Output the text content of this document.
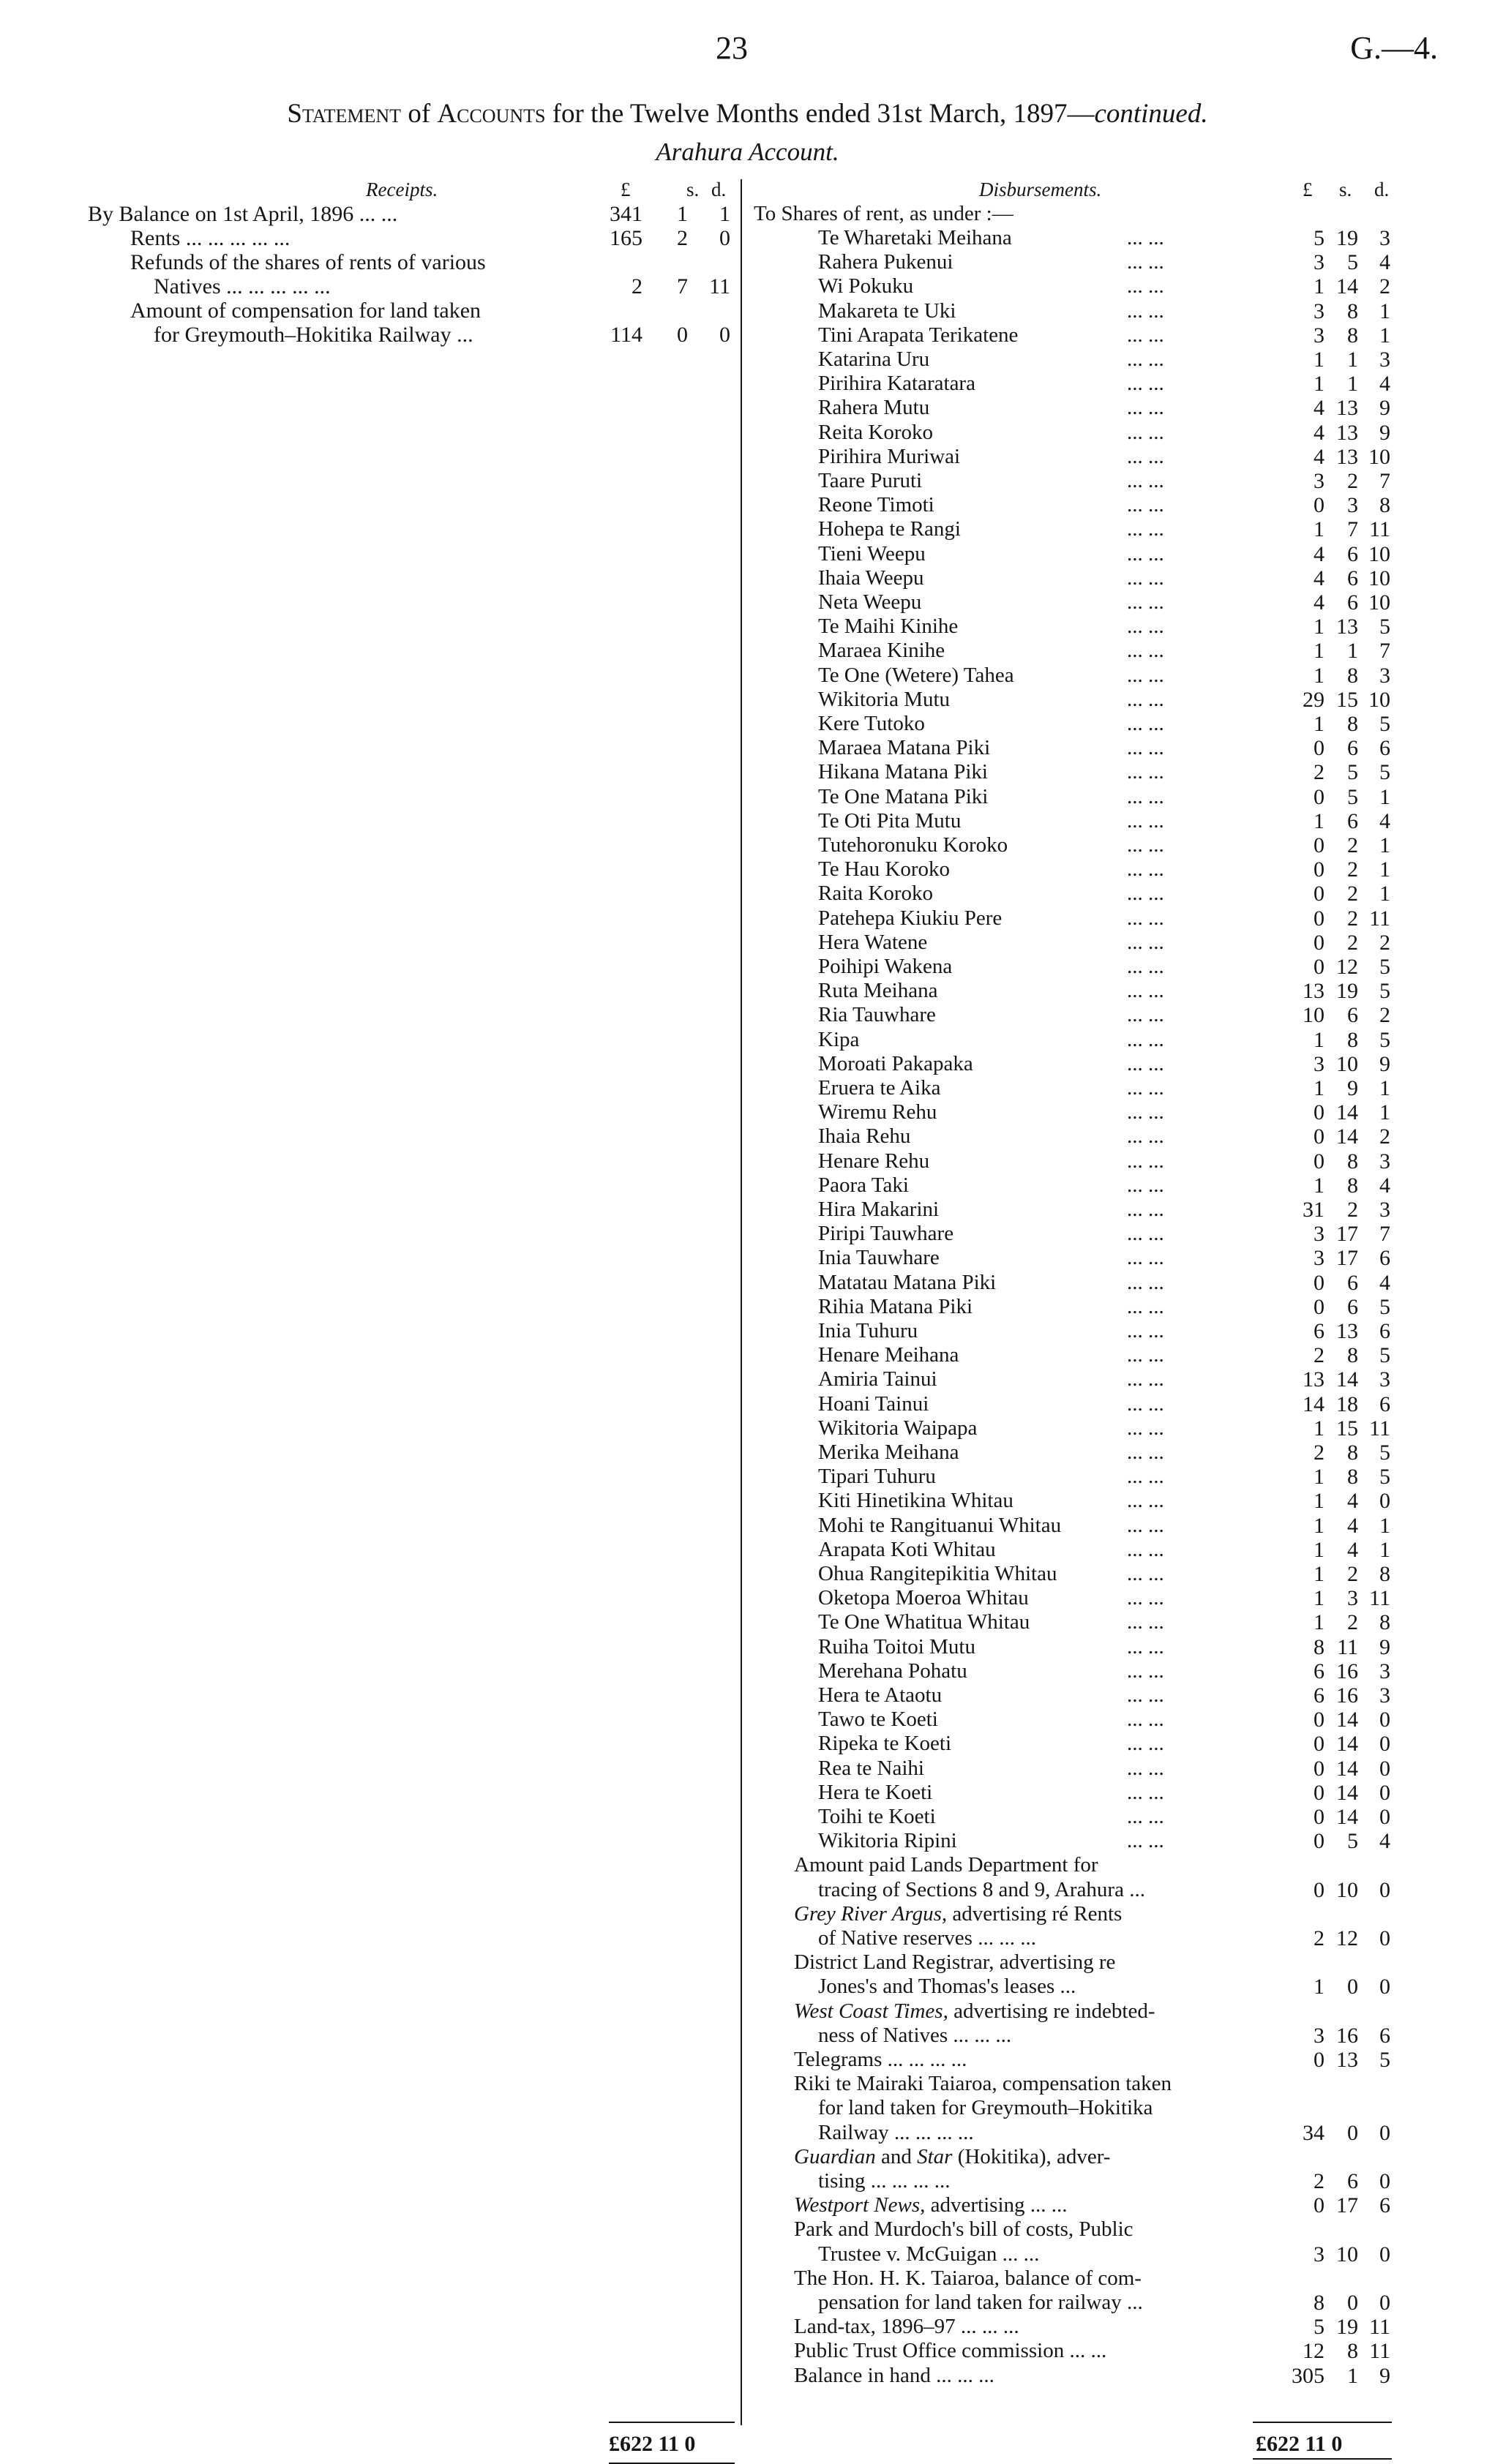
23	G.—4.
Statement of Accounts for the Twelve Months ended 31st March, 1897—continued.
Arahura Account.
Receipts.	£	s. d.
By Balance on 1st April, 1896 ... ...	341	1	1
Rents ... ... ... ... ...	165	2	0
Refunds of the shares of rents of various
Natives ... ... ... ... ...	2	7 11
Amount of compensation for land taken
for Greymouth–Hokitika Railway ...	114	0	0
Disbursements.	£ s. d.
To Shares of rent, as under :—
Te Wharetaki Meihana	... ...	5 19 3
Rahera Pukenui	... ...	3	5 4
Wi Pokuku	... ...	1 14 2
Makareta te Uki	... ...	3	8 1
Tini Arapata Terikatene	... ...	3	8 1
Katarina Uru	... ...	1	1 3
Pirihira Kataratara	... ...	1	1 4
Rahera Mutu	... ...	4 13 9
Reita Koroko	... ...	4 13 9
Pirihira Muriwai	... ...	4 13 10
Taare Puruti	... ...	3	2 7
Reone Timoti	... ...	0	3 8
Hohepa te Rangi	... ...	1	7 11
Tieni Weepu	... ...	4	6 10
Ihaia Weepu	... ...	4	6 10
Neta Weepu	... ...	4	6 10
Te Maihi Kinihe	... ...	1 13 5
Maraea Kinihe	... ...	1	1 7
Te One (Wetere) Tahea	... ...	1	8 3
Wikitoria Mutu	... ...	29 15 10
Kere Tutoko	... ...	1	8 5
Maraea Matana Piki	... ...	0	6 6
Hikana Matana Piki	... ...	2	5 5
Te One Matana Piki	... ...	0	5 1
Te Oti Pita Mutu	... ...	1	6 4
Tutehoronuku Koroko	... ...	0	2 1
Te Hau Koroko	... ...	0	2 1
Raita Koroko	... ...	0	2 1
Patehepa Kiukiu Pere	... ...	0	2 11
Hera Watene	... ...	0	2 2
Poihipi Wakena	... ...	0 12 5
Ruta Meihana	... ...	13 19 5
Ria Tauwhare	... ...	10	6 2
Kipa	... ...	1	8 5
Moroati Pakapaka	... ...	3 10 9
Eruera te Aika	... ...	1	9 1
Wiremu Rehu	... ...	0 14 1
Ihaia Rehu	... ...	0 14 2
Henare Rehu	... ...	0	8 3
Paora Taki	... ...	1	8 4
Hira Makarini	... ...	31	2 3
Piripi Tauwhare	... ...	3 17 7
Inia Tauwhare	... ...	3 17 6
Matatau Matana Piki	... ...	0	6 4
Rihia Matana Piki	... ...	0	6 5
Inia Tuhuru	... ...	6 13 6
Henare Meihana	... ...	2	8 5
Amiria Tainui	... ...	13 14 3
Hoani Tainui	... ...	14 18 6
Wikitoria Waipapa	... ...	1 15 11
Merika Meihana	... ...	2	8 5
Tipari Tuhuru	... ...	1	8 5
Kiti Hinetikina Whitau	... ...	1	4 0
Mohi te Rangituanui Whitau	... ...	1	4 1
Arapata Koti Whitau	... ...	1	4 1
Ohua Rangitepikitia Whitau	... ...	1	2 8
Oketopa Moeroa Whitau	... ...	1	3 11
Te One Whatitua Whitau	... ...	1	2 8
Ruiha Toitoi Mutu	... ...	8 11 9
Merehana Pohatu	... ...	6 16 3
Hera te Ataotu	... ...	6 16 3
Tawo te Koeti	... ...	0 14 0
Ripeka te Koeti	... ...	0 14 0
Rea te Naihi	... ...	0 14 0
Hera te Koeti	... ...	0 14 0
Toihi te Koeti	... ...	0 14 0
Wikitoria Ripini	... ...	0	5 4
Amount paid Lands Department for
tracing of Sections 8 and 9, Arahura ...	0 10 0
Grey River Argus, advertising ré Rents
of Native reserves ... ... ...	2 12 0
District Land Registrar, advertising re
Jones's and Thomas's leases ...	1	0 0
West Coast Times, advertising re indebted-
ness of Natives ... ... ...	3 16 6
Telegrams ... ... ... ...	0 13 5
Riki te Mairaki Taiaroa, compensation taken
for land taken for Greymouth–Hokitika
Railway ... ... ... ...	34	0 0
Guardian and Star (Hokitika), adver-
tising ... ... ... ...	2	6 0
Westport News, advertising ... ...	0 17 6
Park and Murdoch's bill of costs, Public
Trustee v. McGuigan ... ...	3 10 0
The Hon. H. K. Taiaroa, balance of com-
pensation for land taken for railway ...	8	0 0
Land-tax, 1896–97 ... ... ...	5 19 11
Public Trust Office commission ... ...	12	8 11
Balance in hand ... ... ...	305	1 9
£622 11 0	£622 11 0
